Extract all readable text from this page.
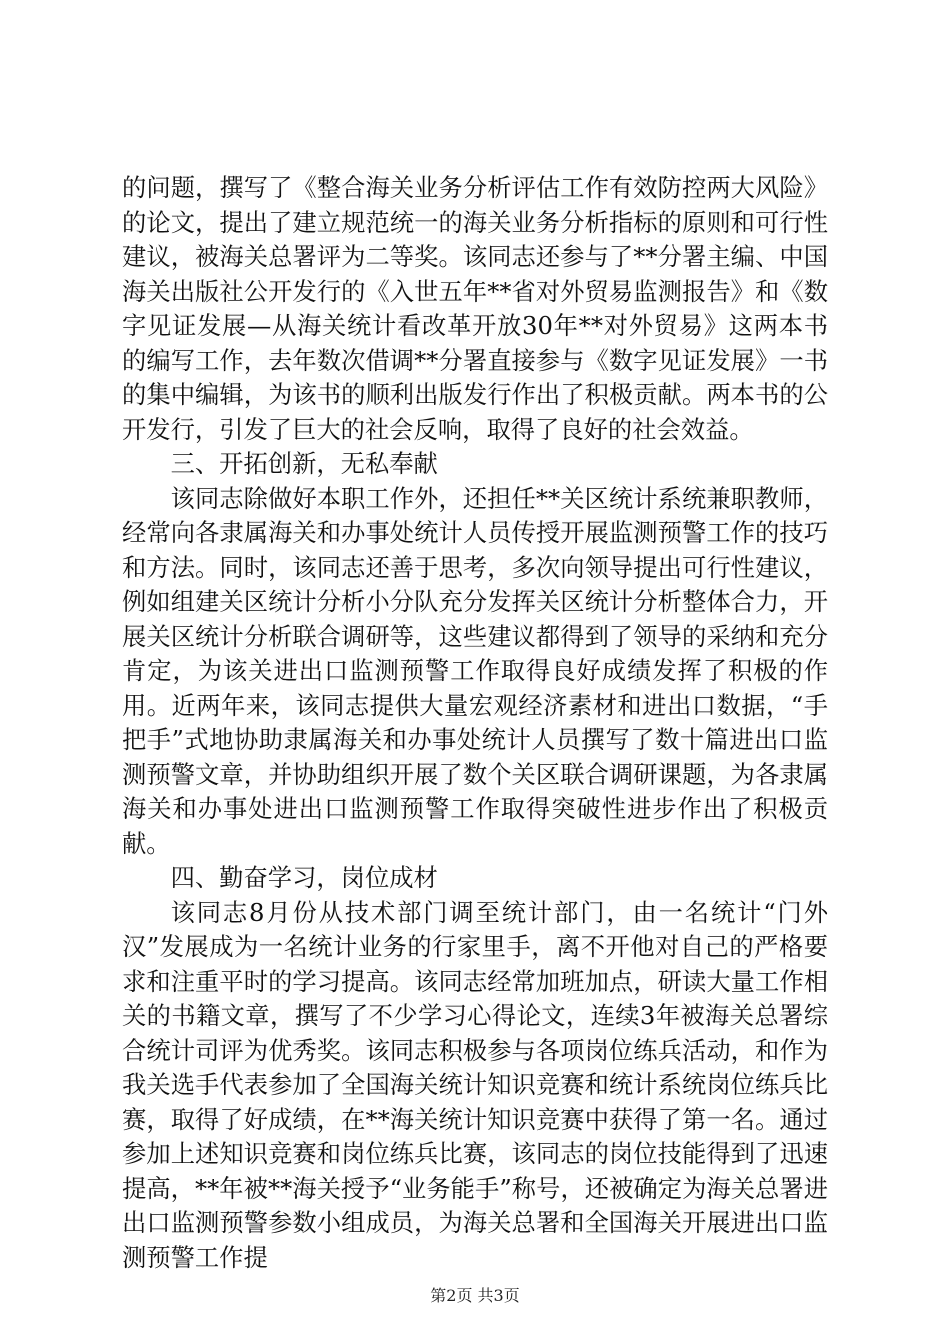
的问题，撰写了《整合海关业务分析评估工作有效防控两大风险》的论文，提出了建立规范统一的海关业务分析指标的原则和可行性建议，被海关总署评为二等奖。该同志还参与了**分署主编、中国海关出版社公开发行的《入世五年**省对外贸易监测报告》和《数字见证发展—从海关统计看改革开放30年**对外贸易》这两本书的编写工作，去年数次借调**分署直接参与《数字见证发展》一书的集中编辑，为该书的顺利出版发行作出了积极贡献。两本书的公开发行，引发了巨大的社会反响，取得了良好的社会效益。

三、开拓创新，无私奉献

该同志除做好本职工作外，还担任**关区统计系统兼职教师，经常向各隶属海关和办事处统计人员传授开展监测预警工作的技巧和方法。同时，该同志还善于思考，多次向领导提出可行性建议，例如组建关区统计分析小分队充分发挥关区统计分析整体合力，开展关区统计分析联合调研等，这些建议都得到了领导的采纳和充分肯定，为该关进出口监测预警工作取得良好成绩发挥了积极的作用。近两年来，该同志提供大量宏观经济素材和进出口数据，“手把手”式地协助隶属海关和办事处统计人员撰写了数十篇进出口监测预警文章，并协助组织开展了数个关区联合调研课题，为各隶属海关和办事处进出口监测预警工作取得突破性进步作出了积极贡献。

四、勤奋学习，岗位成材

该同志8月份从技术部门调至统计部门，由一名统计“门外汉”发展成为一名统计业务的行家里手，离不开他对自己的严格要求和注重平时的学习提高。该同志经常加班加点，研读大量工作相关的书籍文章，撰写了不少学习心得论文，连续3年被海关总署综合统计司评为优秀奖。该同志积极参与各项岗位练兵活动，和作为我关选手代表参加了全国海关统计知识竞赛和统计系统岗位练兵比赛，取得了好成绩，在**海关统计知识竞赛中获得了第一名。通过参加上述知识竞赛和岗位练兵比赛，该同志的岗位技能得到了迅速提高，**年被**海关授予“业务能手”称号，还被确定为海关总署进出口监测预警参数小组成员，为海关总署和全国海关开展进出口监测预警工作提

第2页 共3页
